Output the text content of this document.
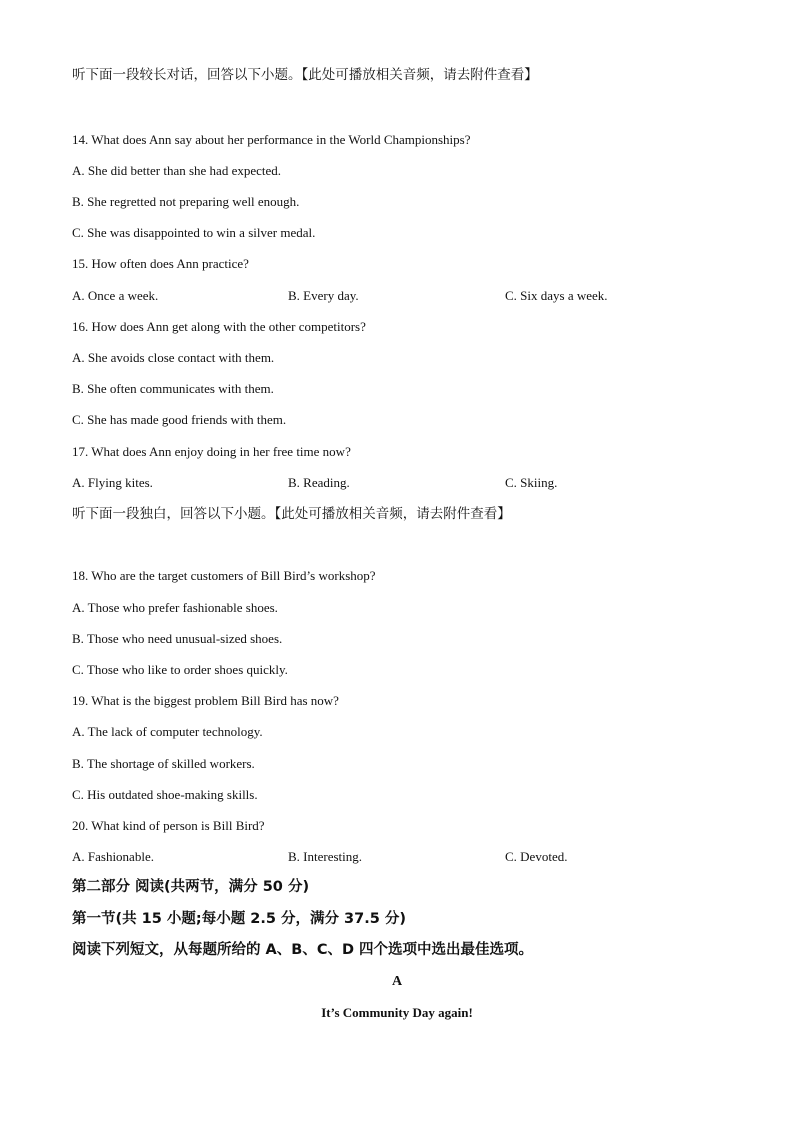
听下面一段较长对话，回答以下小题。【此处可播放相关音频，请去附件查看】
14. What does Ann say about her performance in the World Championships?
A. She did better than she had expected.
B. She regretted not preparing well enough.
C. She was disappointed to win a silver medal.
15. How often does Ann practice?
A. Once a week.	B. Every day.	C. Six days a week.
16. How does Ann get along with the other competitors?
A. She avoids close contact with them.
B. She often communicates with them.
C. She has made good friends with them.
17. What does Ann enjoy doing in her free time now?
A. Flying kites.	B. Reading.	C. Skiing.
听下面一段独白，回答以下小题。【此处可播放相关音频，请去附件查看】
18. Who are the target customers of Bill Bird’s workshop?
A. Those who prefer fashionable shoes.
B. Those who need unusual-sized shoes.
C. Those who like to order shoes quickly.
19. What is the biggest problem Bill Bird has now?
A. The lack of computer technology.
B. The shortage of skilled workers.
C. His outdated shoe-making skills.
20. What kind of person is Bill Bird?
A. Fashionable.	B. Interesting.	C. Devoted.
第二部分 阅读(共两节，满分 50 分)
第一节(共 15 小题;每小题 2.5 分，满分 37.5 分)
阅读下列短文，从每题所给的 A、B、C、D 四个选项中选出最佳选项。
A
It’s Community Day again!
